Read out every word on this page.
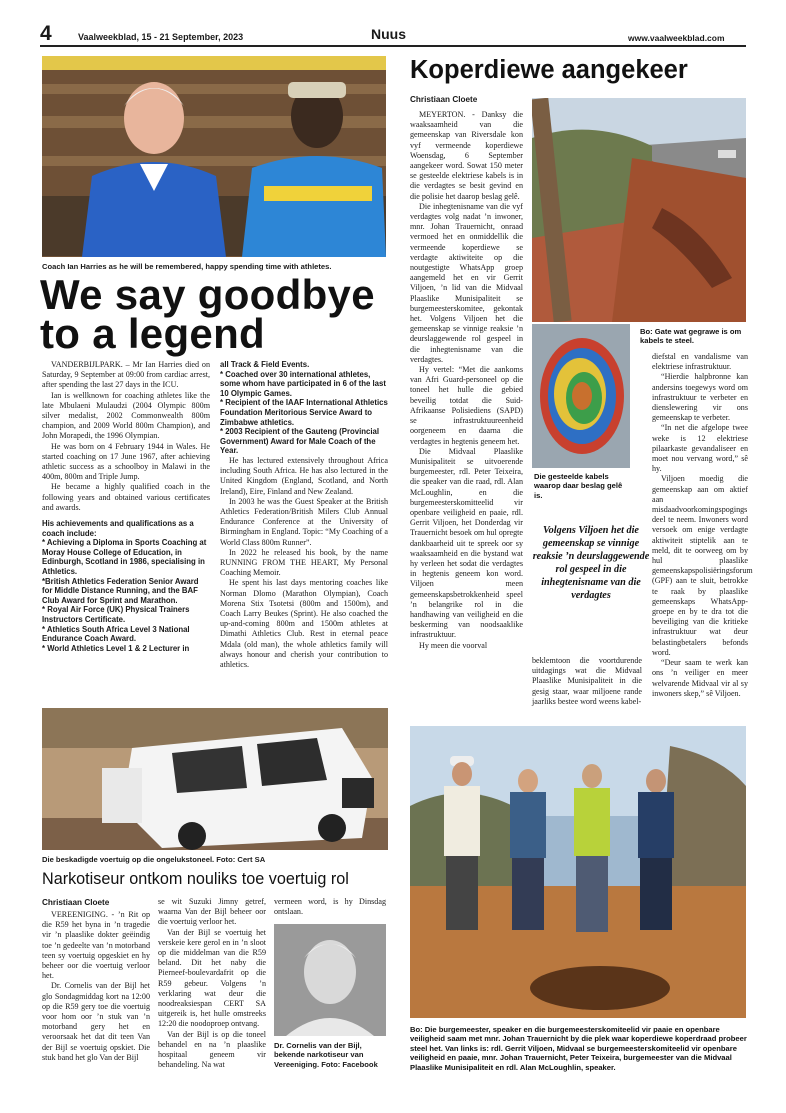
4	Vaalweekblad, 15 - 21 September, 2023	Nuus	www.vaalweekblad.com
Coach Ian Harries as he will be remembered, happy spending time with athletes.
We say goodbye
to a legend

VANDERBIJLPARK. – Mr Ian Harries died on Saturday, 9 September at 09:00 from cardiac arrest, after spending the last 27 days in the ICU.

Ian is wellknown for coaching athletes like the late Mbulaeni Mulaudzi (2004 Olympic 800m silver medalist, 2002 Commonwealth 800m champion, and 2009 World 800m Champion), and John Morapedi, the 1996 Olympian.

He was born on 4 February 1944 in Wales. He started coaching on 17 June 1967, after achieving athletic success as a schoolboy in Malawi in the 400m, 800m and Triple Jump.

He became a highly qualified coach in the following years and obtained various certificates and awards.

His achievements and qualifications as a coach include:

* Achieving a Diploma in Sports Coaching at Moray House College of Education, in Edinburgh, Scotland in 1986, specialising in Athletics.

*British Athletics Federation Senior Award for Middle Distance Running, and the BAF Club Award for Sprint and Marathon.

* Royal Air Force (UK) Physical Trainers Instructors Certificate.

* Athletics South Africa Level 3 National Endurance Coach Award.

* World Athletics Level 1 & 2 Lecturer in

all Track & Field Events.

* Coached over 30 international athletes, some whom have participated in 6 of the last 10 Olympic Games.

* Recipient of the IAAF International Athletics Foundation Meritorious Service Award to Zimbabwe athletics.

* 2003 Recipient of the Gauteng (Provincial Government) Award for Male Coach of the Year.

He has lectured extensively throughout Africa including South Africa. He has also lectured in the United Kingdom (England, Scotland, and North Ireland), Eire, Finland and New Zealand.

In 2003 he was the Guest Speaker at the British Athletics Federation/British Milers Club Annual Endurance Conference at the University of Birmingham in England. Topic: “My Coaching of a World Class 800m Runner”.

In 2022 he released his book, by the name RUNNING FROM THE HEART, My Personal Coaching Memoir.

He spent his last days mentoring coaches like Norman Dlomo (Marathon Olympian), Coach Morena Stix Tsotetsi (800m and 1500m), and Coach Larry Beukes (Sprint). He also coached the up-and-coming 800m and 1500m athletes at Dimathi Athletics Club. Rest in eternal peace Mdala (old man), the whole athletics family will always honour and cherish your contribution to athletics.

Die beskadigde voertuig op die ongelukstoneel. Foto: Cert SA
Narkotiseur ontkom nouliks toe voertuig rol
Christiaan Cloete

VEREENIGING. - ’n Rit op die R59 het byna in ’n tragedie vir ’n plaaslike dokter geëindig toe ’n gedeelte van ’n motorband teen sy voertuig opgeskiet en hy beheer oor die voertuig verloor het.

Dr. Cornelis van der Bijl het glo Sondagmiddag kort na 12:00 op die R59 gery toe die voertuig voor hom oor ’n stuk van ’n motorband gery het en veroorsaak het dat dit teen Van der Bijl se voertuig opskiet. Die stuk band het glo Van der Bijl

se wit Suzuki Jimny getref, waarna Van der Bijl beheer oor die voertuig verloor het.

Van der Bijl se voertuig het verskeie kere gerol en in ’n sloot op die middelman van die R59 beland. Dit het naby die Pierneef-boulevardafrit op die R59 gebeur. Volgens ’n verklaring wat deur die noodreaksiespan CERT SA uitgereik is, het hulle omstreeks 12:20 die noodoproep ontvang.

Van der Bijl is op die toneel behandel en na ’n plaaslike hospitaal geneem vir behandeling. Na wat

vermeen word, is hy Dinsdag ontslaan.

Dr. Cornelis van der Bijl, bekende narkotiseur van Vereeniging. Foto: Facebook
Koperdiewe aangekeer
Christiaan Cloete

MEYERTON. - Danksy die waaksaamheid van die gemeenskap van Riversdale kon vyf vermeende koperdiewe Woensdag, 6 September aangekeer word. Sowat 150 meter se gesteelde elektriese kabels is in die verdagtes se besit gevind en die polisie het daarop beslag gelê.

Die inhegtenisname van die vyf verdagtes volg nadat ’n inwoner, mnr. Johan Trauernicht, onraad vermoed het en onmiddellik die vermeende koperdiewe se verdagte aktiwiteite op die noutgestigte WhatsApp groep aangemeld het en vir Gerrit Viljoen, ’n lid van die Midvaal Plaaslike Munisipaliteit se burgemeesterskomitee, gekontak het. Volgens Viljoen het die gemeenskap se vinnige reaksie ’n deurslaggewende rol gespeel in die inhegtenisname van die verdagtes.

Hy vertel: “Met die aankoms van Afri Guard-personeel op die toneel het hulle die gebied beveilig totdat die Suid-Afrikaanse Polisiediens (SAPD) se infrastruktuureenheid oorgeneem en daarna die verdagtes in hegtenis geneem het.

Die Midvaal Plaaslike Munisipaliteit se uitvoerende burgemeester, rdl. Peter Teixeira, die speaker van die raad, rdl. Alan McLoughlin, en die burgemeesterskomitteelid vir openbare veiligheid en paaie, rdl. Gerrit Viljoen, het Donderdag vir Trauernicht besoek om hul opregte dankbaarheid uit te spreek oor sy waaksaamheid en die bystand wat hy verleen het sodat die verdagtes in hegtenis geneem kon word. Viljoen meen gemeenskapsbetrokkenheid speel ’n belangrike rol in die handhawing van veiligheid en die beskerming van noodsaaklike infrastruktuur.

Hy meen die voorval

Die gesteelde kabels waarop daar beslag gelê is.
Bo: Gate wat gegrawe is om kabels te steel.
Volgens Viljoen het die gemeenskap se vinnige reaksie ’n deurslaggewende rol gespeel in die inhegtenisname van die verdagtes

beklemtoon die voortdurende uitdagings wat die Midvaal Plaaslike Munisipaliteit in die gesig staar, waar miljoene rande jaarliks bestee word weens kabel-

diefstal en vandalisme van elektriese infrastruktuur.

“Hierdie halpbronne kan andersins toegewys word om infrastruktuur te verbeter en dienslewering vir ons gemeenskap te verbeter.

“In net die afgelope twee weke is 12 elektriese pilaarkaste gevandaliseer en moet nou vervang word,” sê hy.

Viljoen moedig die gemeenskap aan om aktief aan misdaadvoorkomingspogings deel te neem. Inwoners word versoek om enige verdagte aktiwiteit stiptelik aan te meld, dit te oorweeg om by hul plaaslike gemeenskapspolisiëringsforum (GPF) aan te sluit, betrokke te raak by plaaslike gemeenskaps WhatsApp-groepe en by te dra tot die beveiliging van die kritieke infrastruktuur wat deur belastingbetalers befonds word.

“Deur saam te werk kan ons ’n veiliger en meer welvarende Midvaal vir al sy inwoners skep,” sê Viljoen.

Bo: Die burgemeester, speaker en die burgemeesterskomiteelid vir paaie en openbare veiligheid saam met mnr. Johan Trauernicht by die plek waar koperdiewe koperdraad probeer steel het. Van links is: rdl. Gerrit Viljoen, Midvaal se burgemeesterskomiteelid vir openbare veiligheid en paaie, mnr. Johan Trauernicht, Peter Teixeira, burgemeester van die Midvaal Plaaslike Munisipaliteit en rdl. Alan McLoughlin, speaker.
